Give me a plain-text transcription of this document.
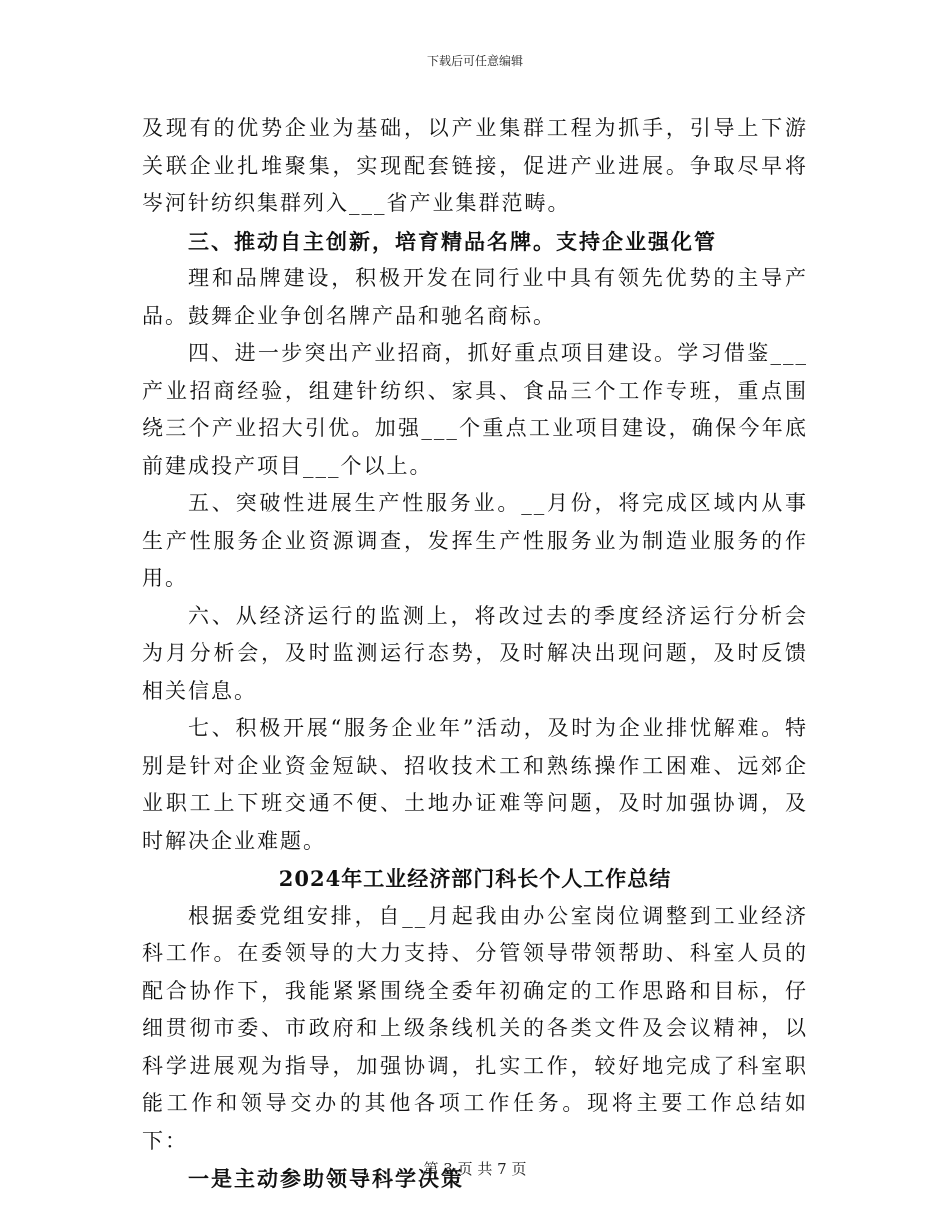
下载后可任意编辑

及现有的优势企业为基础，以产业集群工程为抓手，引导上下游关联企业扎堆聚集，实现配套链接，促进产业进展。争取尽早将岑河针纺织集群列入___省产业集群范畴。

三、推动自主创新，培育精品名牌。支持企业强化管

理和品牌建设，积极开发在同行业中具有领先优势的主导产品。鼓舞企业争创名牌产品和驰名商标。

四、进一步突出产业招商，抓好重点项目建设。学习借鉴___产业招商经验，组建针纺织、家具、食品三个工作专班，重点围绕三个产业招大引优。加强___个重点工业项目建设，确保今年底前建成投产项目___个以上。

五、突破性进展生产性服务业。__月份，将完成区域内从事生产性服务企业资源调查，发挥生产性服务业为制造业服务的作用。

六、从经济运行的监测上，将改过去的季度经济运行分析会为月分析会，及时监测运行态势，及时解决出现问题，及时反馈相关信息。

七、积极开展“服务企业年”活动，及时为企业排忧解难。特别是针对企业资金短缺、招收技术工和熟练操作工困难、远郊企业职工上下班交通不便、土地办证难等问题，及时加强协调，及时解决企业难题。

2024年工业经济部门科长个人工作总结

根据委党组安排，自__月起我由办公室岗位调整到工业经济科工作。在委领导的大力支持、分管领导带领帮助、科室人员的配合协作下，我能紧紧围绕全委年初确定的工作思路和目标，仔细贯彻市委、市政府和上级条线机关的各类文件及会议精神，以科学进展观为指导，加强协调，扎实工作，较好地完成了科室职能工作和领导交办的其他各项工作任务。现将主要工作总结如下：

一是主动参助领导科学决策

第 3 页 共 7 页
